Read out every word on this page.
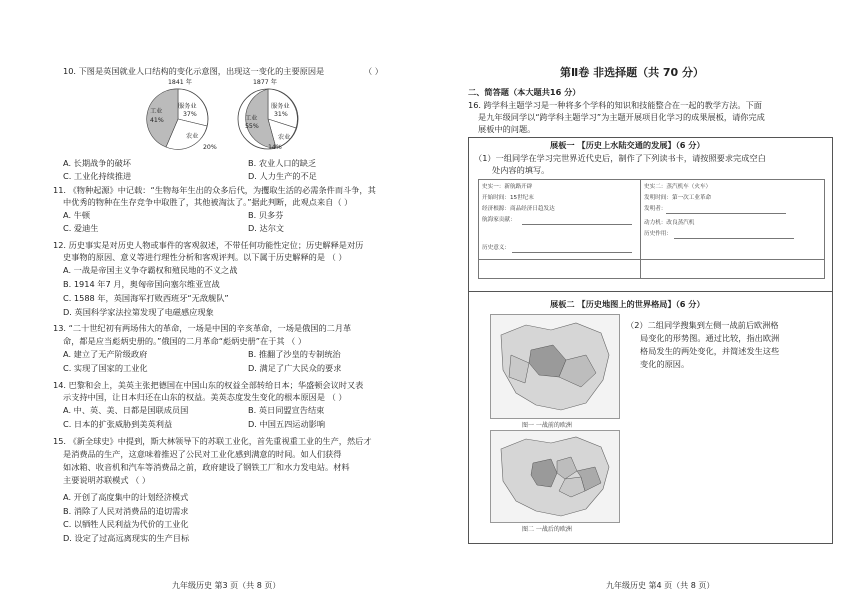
10. 下图是英国就业人口结构的变化示意图，出现这一变化的主要原因是	（ ）
1841 年
服务业
37%
工业
41%
农业
20%
1877 年
服务业
31%
工业
55%
农业
14%
A. 长期战争的破坏	B. 农业人口的缺乏
C. 工业化持续推进	D. 人力生产的不足
11. 《物种起源》中记载：“生物每年生出的众多后代，为攫取生活的必需条件而斗争，其
中优秀的物种在生存竞争中取胜了，其他被淘汰了。”据此判断，此观点来自（ ）
A. 牛顿	B. 贝多芬
C. 爱迪生	D. 达尔文
12. 历史事实是对历史人物或事件的客观叙述，不带任何功能性定位；历史解释是对历
史事物的原因、意义等进行理性分析和客观评判。以下属于历史解释的是 （ ）
A. 一战是帝国主义争夺霸权和殖民地的不义之战
B. 1914 年7 月，奥匈帝国向塞尔维亚宣战
C. 1588 年，英国海军打败西班牙“无敌舰队”
D. 英国科学家法拉第发现了电磁感应现象
13. “二十世纪初有两场伟大的革命，一场是中国的辛亥革命，一场是俄国的二月革
命，都是应当彪炳史册的。”俄国的二月革命“彪炳史册”在于其 （ ）
A. 建立了无产阶级政府	B. 推翻了沙皇的专制统治
C. 实现了国家的工业化	D. 满足了广大民众的要求
14. 巴黎和会上，美英主张把德国在中国山东的权益全部转给日本；华盛顿会议时又表
示支持中国，让日本归还在山东的权益。美英态度发生变化的根本原因是 （ ）
A. 中、英、美、日都是国联成员国	B. 英日同盟宣告结束
C. 日本的扩张威胁到美英利益	D. 中国五四运动影响
15. 《新全球史》中提到，斯大林领导下的苏联工业化，首先重视重工业的生产，然后才
是消费品的生产，这意味着推迟了公民对工业化感到满意的时间。如人们获得
如冰箱、收音机和汽车等消费品之前，政府建设了钢铁工厂和水力发电站。材料
主要说明苏联模式 （ ）
A. 开创了高度集中的计划经济模式
B. 消除了人民对消费品的追切需求
C. 以牺牲人民利益为代价的工业化
D. 设定了过高远离现实的生产目标
九年级历史 第3 页（共 8 页）
第Ⅱ卷 非选择题（共 70 分）
二、简答题（本大题共16 分）
16. 跨学科主题学习是一种将多个学科的知识和技能整合在一起的教学方法。下面
是九年级同学以“跨学科主题学习”为主题开展项目化学习的成果展板，请你完成
展板中的问题。
展板一 【历史上水陆交通的发展】（6 分）
（1）一组同学在学习完世界近代史后，制作了下列读书卡，请按照要求完成空白
处内容的填写。
史实一：新航路开辟
开始时间：15世纪末
经济根源：商品经济日趋发达
航海家贡献：
历史意义：
史实二：蒸汽机车（火车）
发明时间：第一次工业革命
发明者：
动力机：改良蒸汽机
历史作用：
展板二 【历史地图上的世界格局】（6 分）
图一 一战前的欧洲
图二 一战后的欧洲
（2）二组同学搜集到左侧一战前后欧洲格
局变化的形势图。通过比较，指出欧洲
格局发生的两处变化，并简述发生这些
变化的原因。
九年级历史 第4 页（共 8 页）
